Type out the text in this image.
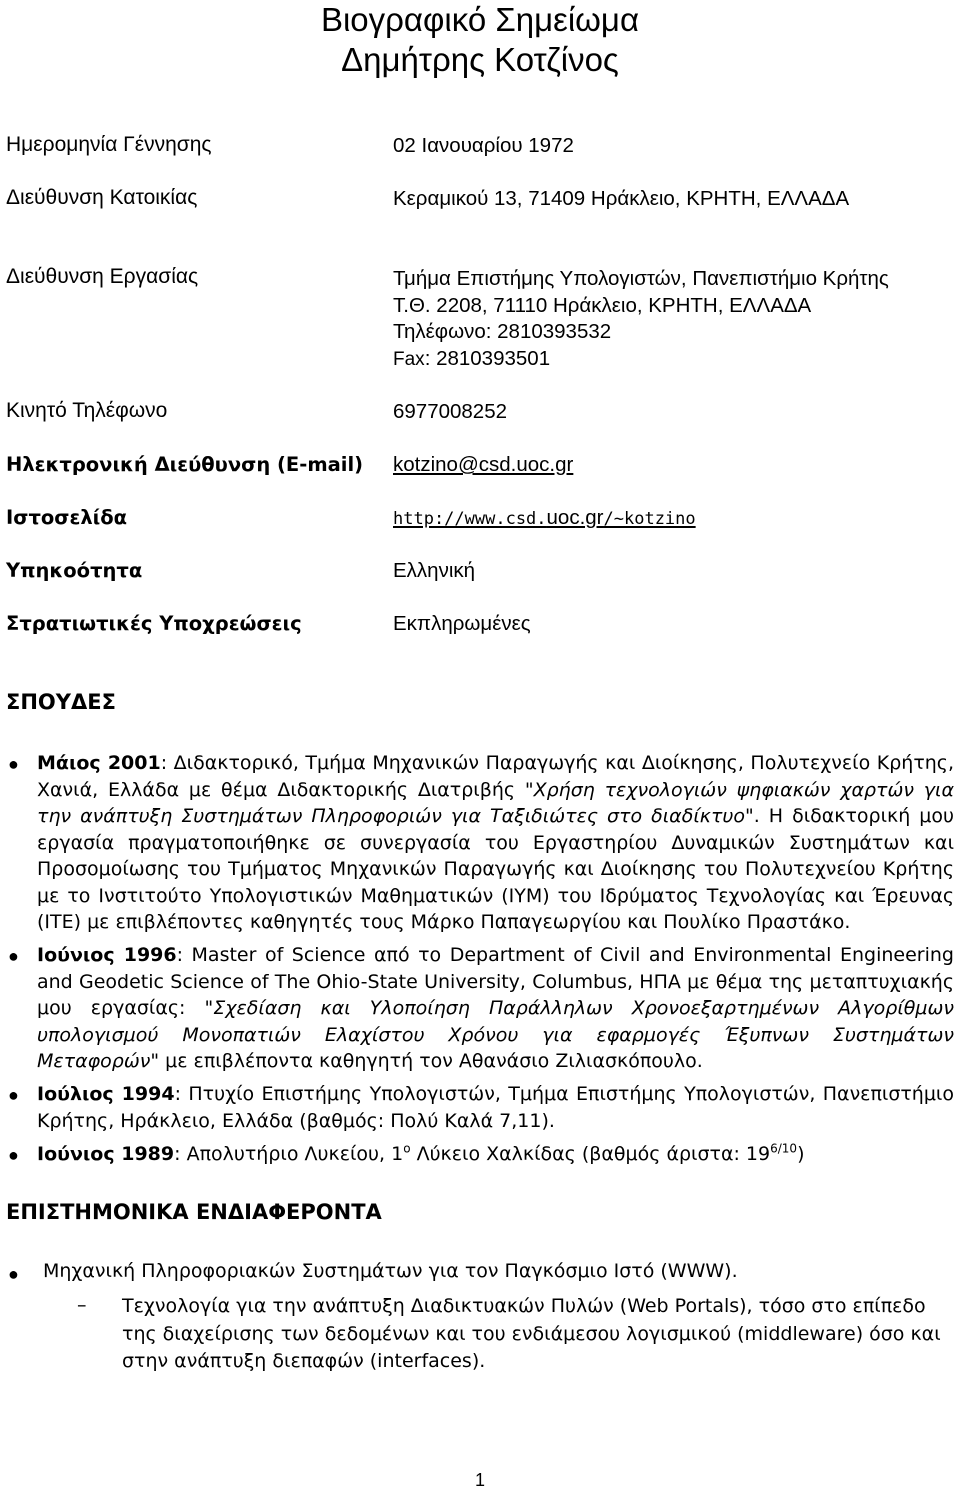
Βιογραφικό Σημείωμα
Δημήτρης Κοτζίνος
Ημερομηνία Γέννησης	02 Ιανουαρίου 1972
Διεύθυνση Κατοικίας	Κεραμικού 13, 71409 Ηράκλειο, ΚΡΗΤΗ, ΕΛΛΑΔΑ
Διεύθυνση Εργασίας	Τμήμα Επιστήμης Υπολογιστών, Πανεπιστήμιο Κρήτης
Τ.Θ. 2208, 71110 Ηράκλειο, ΚΡΗΤΗ, ΕΛΛΑΔΑ
Τηλέφωνο: 2810393532
Fax: 2810393501
Κινητό Τηλέφωνο	6977008252
Ηλεκτρονική Διεύθυνση (E-mail) kotzino@csd.uoc.gr
Ιστοσελίδα	http://www.csd.uoc.gr/~kotzino
Υπηκοότητα	Ελληνική
Στρατιωτικές Υποχρεώσεις	Εκπληρωμένες
ΣΠΟΥΔΕΣ
● Μάιος 2001: Διδακτορικό, Τμήμα Μηχανικών Παραγωγής και Διοίκησης, Πολυτεχνείο Κρήτης, Χανιά, Ελλάδα με θέμα Διδακτορικής Διατριβής "Χρήση τεχνολογιών ψηφιακών χαρτών για την ανάπτυξη Συστημάτων Πληροφοριών για Ταξιδιώτες στο διαδίκτυο". Η διδακτορική μου εργασία πραγματοποιήθηκε σε συνεργασία του Εργαστηρίου Δυναμικών Συστημάτων και Προσομοίωσης του Τμήματος Μηχανικών Παραγωγής και Διοίκησης του Πολυτεχνείου Κρήτης με το Ινστιτούτο Υπολογιστικών Μαθηματικών (ΙΥΜ) του Ιδρύματος Τεχνολογίας και Έρευνας (ΙΤΕ) με επιβλέποντες καθηγητές τους Μάρκο Παπαγεωργίου και Πουλίκο Πραστάκο.
● Ιούνιος 1996: Master of Science από το Department of Civil and Environmental Engineering and Geodetic Science of The Ohio-State University, Columbus, ΗΠΑ με θέμα της μεταπτυχιακής μου εργασίας: "Σχεδίαση και Υλοποίηση Παράλληλων Χρονοεξαρτημένων Αλγορίθμων υπολογισμού Μονοπατιών Ελαχίστου Χρόνου για εφαρμογές Έξυπνων Συστημάτων Μεταφορών" με επιβλέποντα καθηγητή τον Αθανάσιο Ζιλιασκόπουλο.
● Ιούλιος 1994: Πτυχίο Επιστήμης Υπολογιστών, Τμήμα Επιστήμης Υπολογιστών, Πανεπιστήμιο Κρήτης, Ηράκλειο, Ελλάδα (βαθμός: Πολύ Καλά 7,11).
● Ιούνιος 1989: Απολυτήριο Λυκείου, $1^o$ Λύκειο Χαλκίδας (βαθμός άριστα: $19^{6/10}$)
ΕΠΙΣΤΗΜΟΝΙΚΑ ΕΝΔΙΑΦΕΡΟΝΤΑ
● Μηχανική Πληροφοριακών Συστημάτων για τον Παγκόσμιο Ιστό (WWW).
– Τεχνολογία για την ανάπτυξη Διαδικτυακών Πυλών (Web Portals), τόσο στο επίπεδο της διαχείρισης των δεδομένων και του ενδιάμεσου λογισμικού (middleware) όσο και στην ανάπτυξη διεπαφών (interfaces).
1
